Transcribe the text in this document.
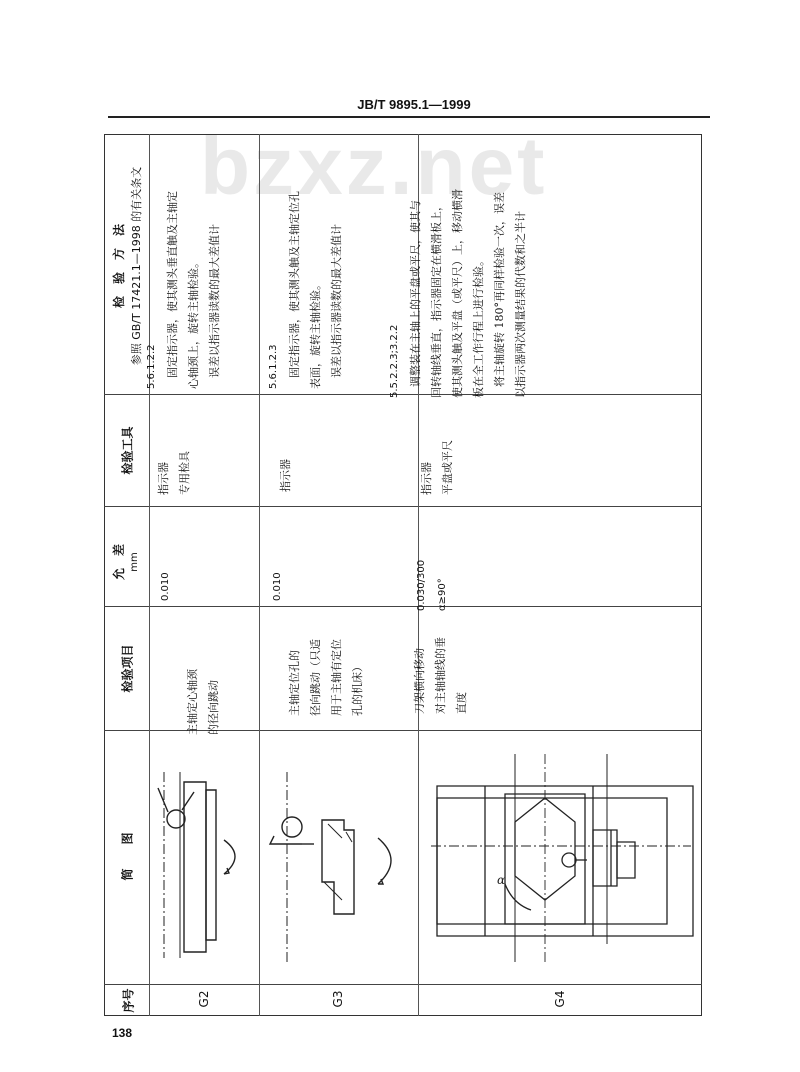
JB/T 9895.1—1999
bzxz.net
序号
简　　图
检验项目
允　差 mm
检验工具
检　验　方　法 参照 GB/T 17421.1—1998 的有关条文
G2
主轴定心轴颈 的径向跳动
0.010
指示器 专用检具
5.6.1.2.2 　固定指示器，使其测头垂直触及主轴定 心轴颈上，旋转主轴检验。 　误差以指示器读数的最大差值计
G3
主轴定位孔的 径向跳动（只适 用于主轴有定位 孔的机床）
0.010
指示器
5.6.1.2.3 　固定指示器，使其测头触及主轴定位孔 表面，旋转主轴检验。 　误差以指示器读数的最大差值计
G4
刀架横向移动 对主轴轴线的垂 直度
0.030/300	α≥90°
指示器 平盘或平尺
5.5.2.2.3;3.2.2 　调整装在主轴上的平盘或平尺，使其与 回转轴线垂直，指示器固定在横滑板上， 使其测头触及平盘（或平尺）上，移动横滑 板在全工作行程上进行检验。 　将主轴旋转 180°再同样检验一次，误差 以指示器两次测量结果的代数和之半计
α
138
